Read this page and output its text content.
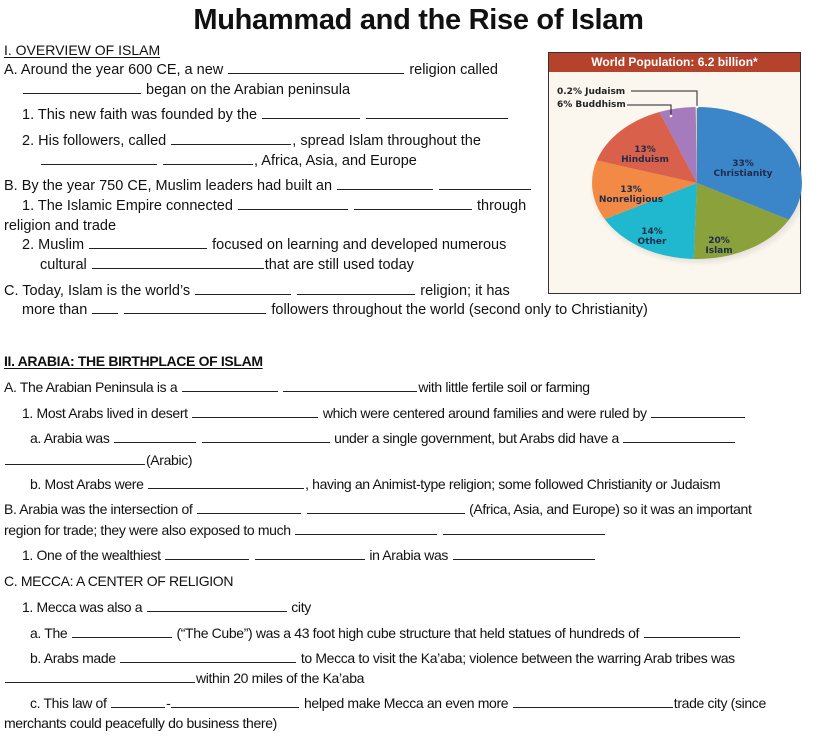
Muhammad and the Rise of Islam
I. OVERVIEW OF ISLAM
A. Around the year 600 CE, a new	religion called
began on the Arabian peninsula
1. This new faith was founded by the
2. His followers, called	, spread Islam throughout the
, Africa, Asia, and Europe
B. By the year 750 CE, Muslim leaders had built an
1. The Islamic Empire connected	through
religion and trade
2. Muslim	focused on learning and developed numerous
cultural	that are still used today
C. Today, Islam is the world’s	religion; it has
more than	followers throughout the world (second only to Christianity)
World Population: 6.2 billion*
0.2% Judaism
6% Buddhism
13%
Hinduism	33%
Christianity
13%
Nonreligious
14%
Other	20%
Islam
II. ARABIA: THE BIRTHPLACE OF ISLAM
A. The Arabian Peninsula is a	with little fertile soil or farming
1. Most Arabs lived in desert	which were centered around families and were ruled by
a. Arabia was	under a single government, but Arabs did have a
(Arabic)
b. Most Arabs were	, having an Animist-type religion; some followed Christianity or Judaism
B. Arabia was the intersection of	(Africa, Asia, and Europe) so it was an important
region for trade; they were also exposed to much
1. One of the wealthiest	in Arabia was
C. MECCA: A CENTER OF RELIGION
1. Mecca was also a	city
a. The	(“The Cube”) was a 43 foot high cube structure that held statues of hundreds of
b. Arabs made	to Mecca to visit the Ka’aba; violence between the warring Arab tribes was
within 20 miles of the Ka’aba
c. This law of	-	helped make Mecca an even more	trade city (since
merchants could peacefully do business there)
